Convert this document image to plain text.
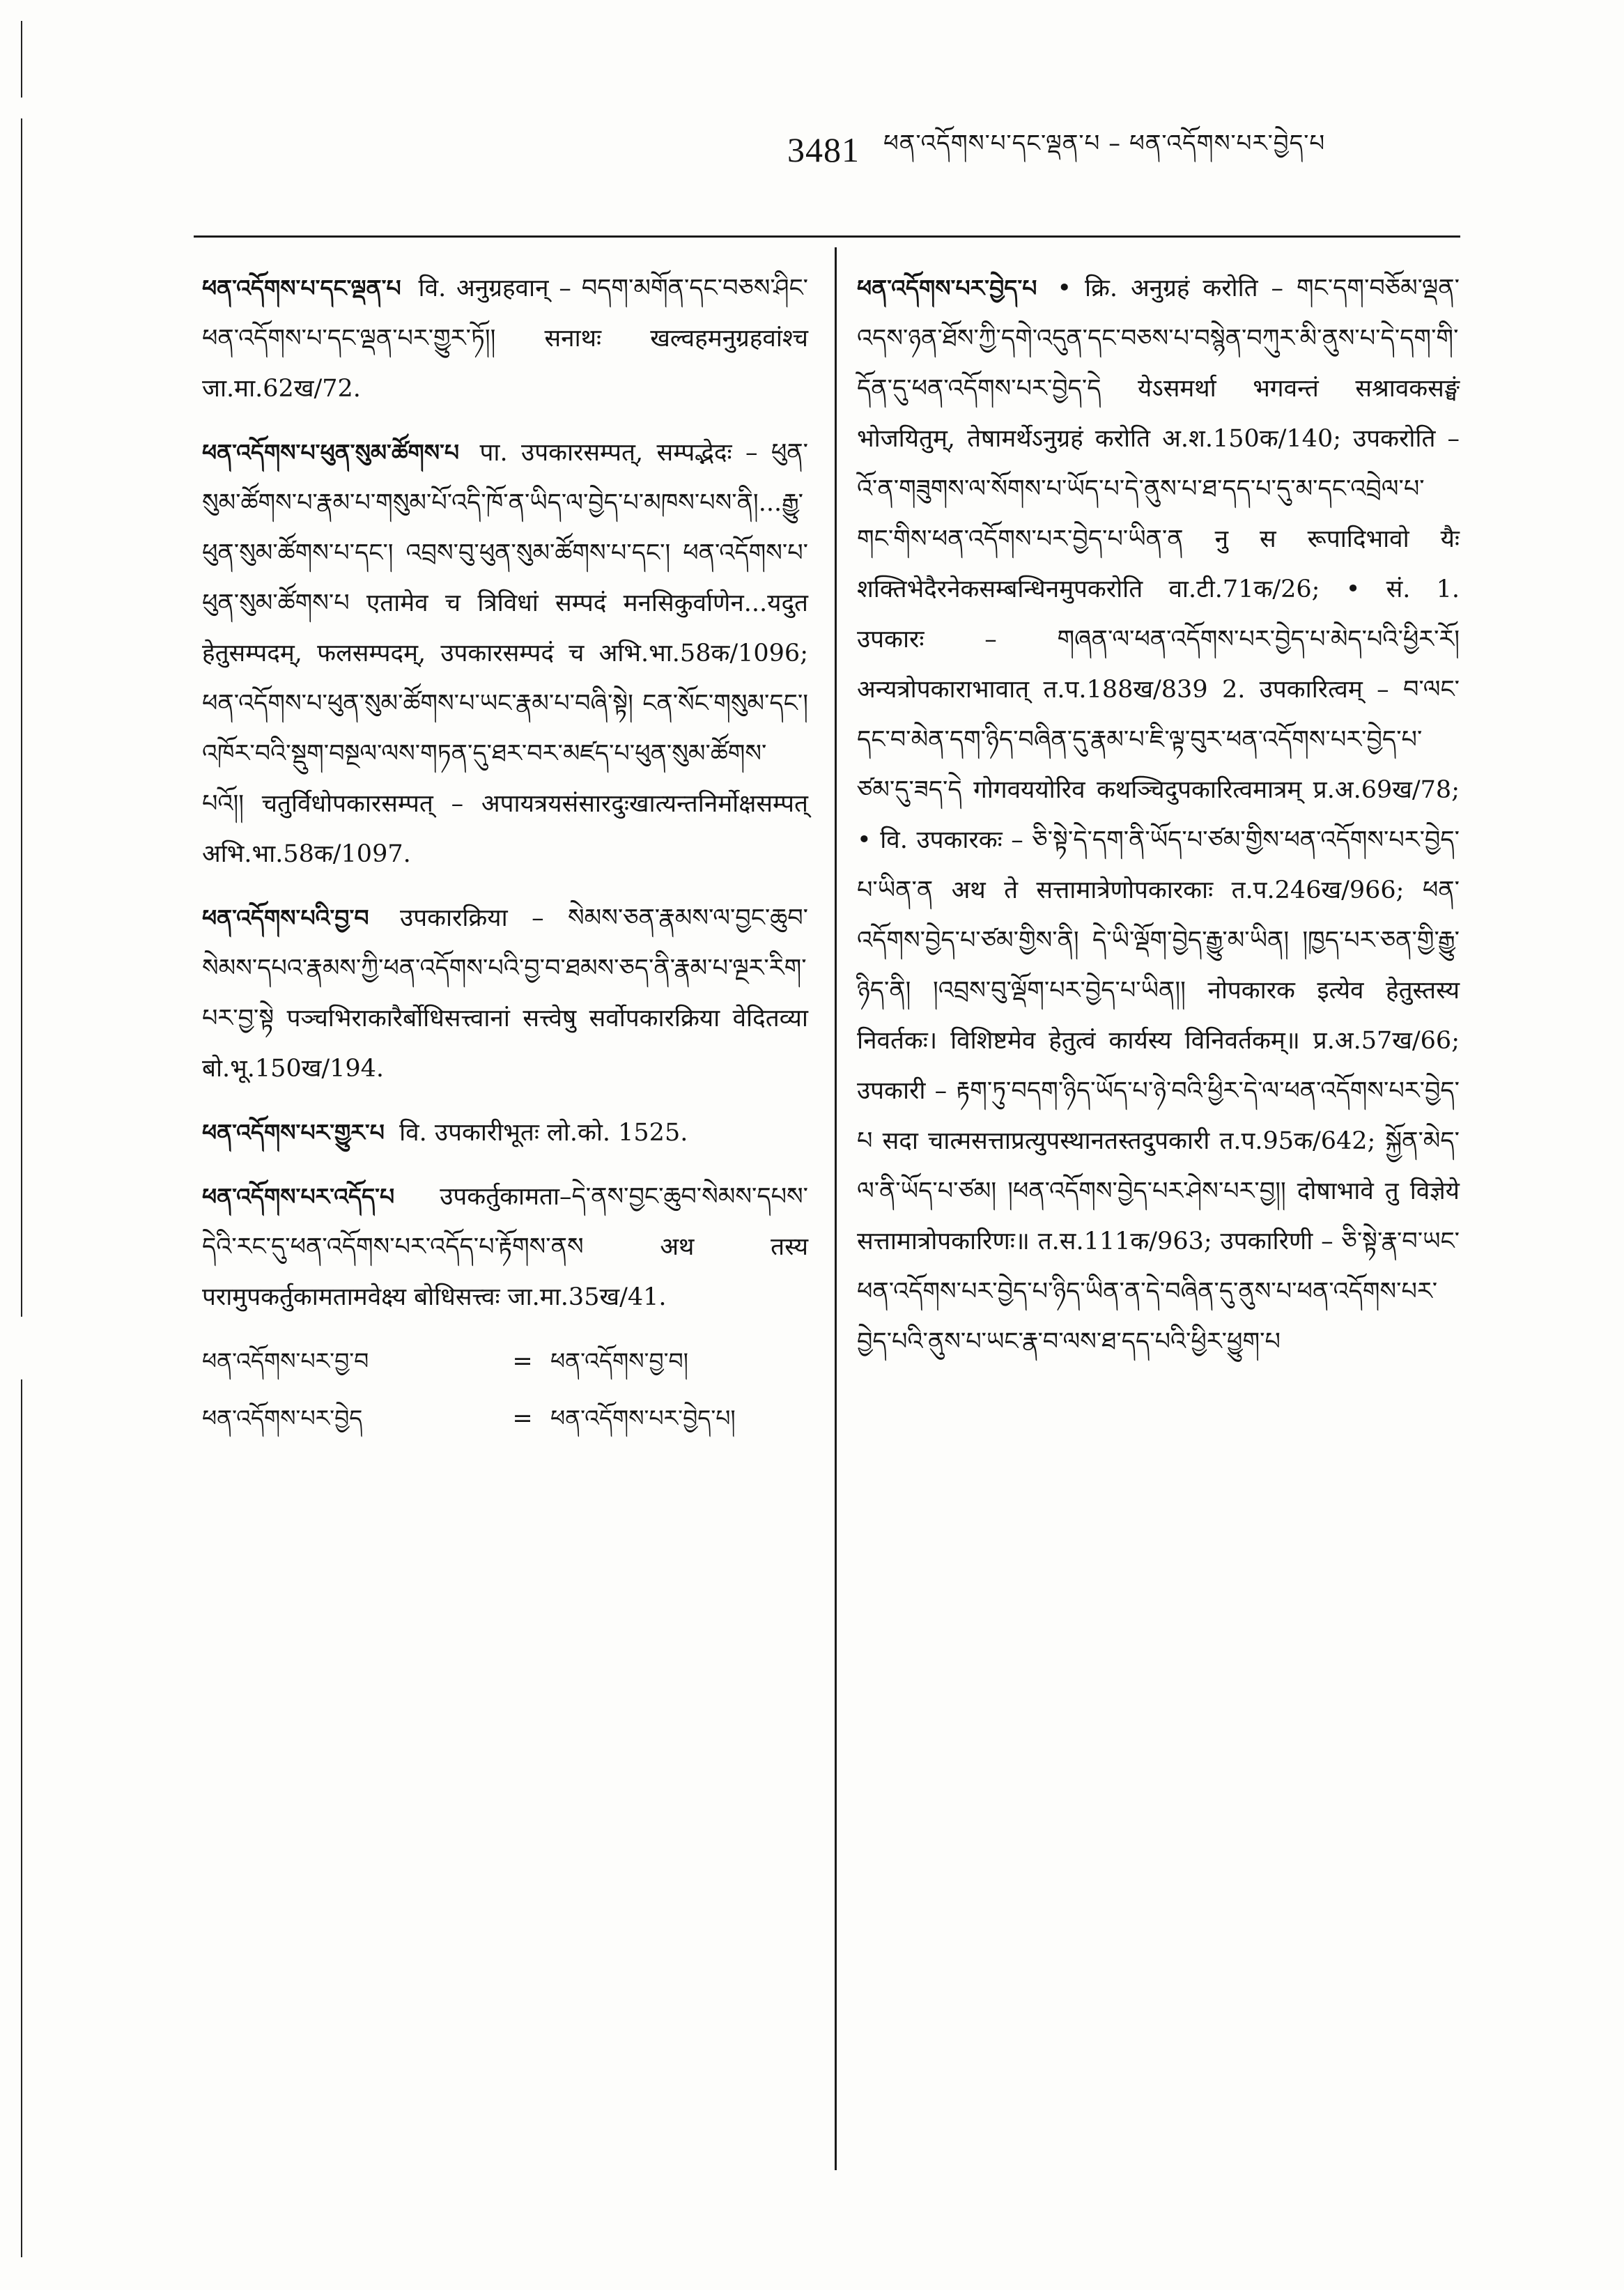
3481 ཕན་འདོགས་པ་དང་ལྡན་པ – ཕན་འདོགས་པར་བྱེད་པ

ཕན་འདོགས་པ་དང་ལྡན་པ वि. अनुग्रहवान् – བདག་མགོན་དང་བཅས་ཤིང་ཕན་འདོགས་པ་དང་ལྡན་པར་གྱུར་ཏོ།། सनाथः खल्वहमनुग्रहवांश्च जा.मा.62ख/72.

ཕན་འདོགས་པ་ཕུན་སུམ་ཚོགས་པ पा. उपकारसम्पत्, सम्पद्भेदः – ཕུན་སུམ་ཚོགས་པ་རྣམ་པ་གསུམ་པོ་འདི་ཁོ་ན་ཡིད་ལ་བྱེད་པ་མཁས་པས་ནི།...རྒྱུ་ཕུན་སུམ་ཚོགས་པ་དང་། འབྲས་བུ་ཕུན་སུམ་ཚོགས་པ་དང་། ཕན་འདོགས་པ་ཕུན་སུམ་ཚོགས་པ एतामेव च त्रिविधां सम्पदं मनसिकुर्वाणेन...यदुत हेतुसम्पदम्, फलसम्पदम्, उपकारसम्पदं च अभि.भा.58क/1096; ཕན་འདོགས་པ་ཕུན་སུམ་ཚོགས་པ་ཡང་རྣམ་པ་བཞི་སྟེ། ངན་སོང་གསུམ་དང་། འཁོར་བའི་སྡུག་བསྔལ་ལས་གཏན་དུ་ཐར་བར་མཛད་པ་ཕུན་སུམ་ཚོགས་པའོ།། चतुर्विधोपकारसम्पत् – अपायत्रयसंसारदुःखात्यन्तनिर्मोक्षसम्पत् अभि.भा.58क/1097.

ཕན་འདོགས་པའི་བྱ་བ उपकारक्रिया – སེམས་ཅན་རྣམས་ལ་བྱང་ཆུབ་སེམས་དཔའ་རྣམས་ཀྱི་ཕན་འདོགས་པའི་བྱ་བ་ཐམས་ཅད་ནི་རྣམ་པ་ལྔར་རིག་པར་བྱ་སྟེ पञ्चभिराकारैर्बोधिसत्त्वानां सत्त्वेषु सर्वोपकारक्रिया वेदितव्या बो.भू.150ख/194.

ཕན་འདོགས་པར་གྱུར་པ वि. उपकारीभूतः लो.को. 1525.

ཕན་འདོགས་པར་འདོད་པ उपकर्तुकामता–དེ་ནས་བྱང་ཆུབ་སེམས་དཔས་དེའི་རང་དུ་ཕན་འདོགས་པར་འདོད་པ་རྟོགས་ནས अथ तस्य परामुपकर्तुकामतामवेक्ष्य बोधिसत्त्वः जा.मा.35ख/41.

ཕན་འདོགས་པར་བྱ་བ	= ཕན་འདོགས་བྱ་བ།
ཕན་འདོགས་པར་བྱེད	= ཕན་འདོགས་པར་བྱེད་པ།

ཕན་འདོགས་པར་བྱེད་པ • क्रि. अनुग्रहं करोति – གང་དག་བཅོམ་ལྡན་འདས་ཉན་ཐོས་ཀྱི་དགེ་འདུན་དང་བཅས་པ་བསྙེན་བཀུར་མི་ནུས་པ་དེ་དག་གི་དོན་དུ་ཕན་འདོགས་པར་བྱེད་དེ येऽसमर्था भगवन्तं सश्रावकसङ्घं भोजयितुम्, तेषामर्थेऽनुग्रहं करोति अ.श.150क/140; उपकरोति – འོ་ན་གཟུགས་ལ་སོགས་པ་ཡོད་པ་དེ་ནུས་པ་ཐ་དད་པ་དུ་མ་དང་འབྲེལ་པ་གང་གིས་ཕན་འདོགས་པར་བྱེད་པ་ཡིན་ན नु स रूपादिभावो यैः शक्तिभेदैरनेकसम्बन्धिनमुपकरोति वा.टी.71क/26; • सं. 1. उपकारः – གཞན་ལ་ཕན་འདོགས་པར་བྱེད་པ་མེད་པའི་ཕྱིར་རོ། अन्यत्रोपकाराभावात् त.प.188ख/839 2. उपकारित्वम् – བ་ལང་དང་བ་མེན་དག་ཉིད་བཞིན་དུ་རྣམ་པ་ཇི་ལྟ་བུར་ཕན་འདོགས་པར་བྱེད་པ་ཙམ་དུ་ཟད་དེ गोगवययोरिव कथञ्चिदुपकारित्वमात्रम् प्र.अ.69ख/78; • वि. उपकारकः – ཅི་སྟེ་དེ་དག་ནི་ཡོད་པ་ཙམ་གྱིས་ཕན་འདོགས་པར་བྱེད་པ་ཡིན་ན अथ ते सत्तामात्रेणोपकारकाः त.प.246ख/966; ཕན་འདོགས་བྱེད་པ་ཙམ་གྱིས་ནི། དེ་ཡི་ལྡོག་བྱེད་རྒྱུ་མ་ཡིན། །ཁྱད་པར་ཅན་གྱི་རྒྱུ་ཉིད་ནི། །འབྲས་བུ་ལྡོག་པར་བྱེད་པ་ཡིན།། नोपकारक इत्येव हेतुस्तस्य निवर्तकः। विशिष्टमेव हेतुत्वं कार्यस्य विनिवर्तकम्॥ प्र.अ.57ख/66; उपकारी – རྟག་ཏུ་བདག་ཉིད་ཡོད་པ་ཉེ་བའི་ཕྱིར་དེ་ལ་ཕན་འདོགས་པར་བྱེད་པ सदा चात्मसत्ताप्रत्युपस्थानतस्तदुपकारी त.प.95क/642; སྐྱོན་མེད་ལ་ནི་ཡོད་པ་ཙམ། །ཕན་འདོགས་བྱེད་པར་ཤེས་པར་བྱ།། दोषाभावे तु विज्ञेये सत्तामात्रोपकारिणः॥ त.स.111क/963; उपकारिणी – ཅི་སྟེ་རྣ་བ་ཡང་ཕན་འདོགས་པར་བྱེད་པ་ཉིད་ཡིན་ན་དེ་བཞིན་དུ་ནུས་པ་ཕན་འདོགས་པར་བྱེད་པའི་ནུས་པ་ཡང་རྣ་བ་ལས་ཐ་དད་པའི་ཕྱིར་ཕྱུག་པ
